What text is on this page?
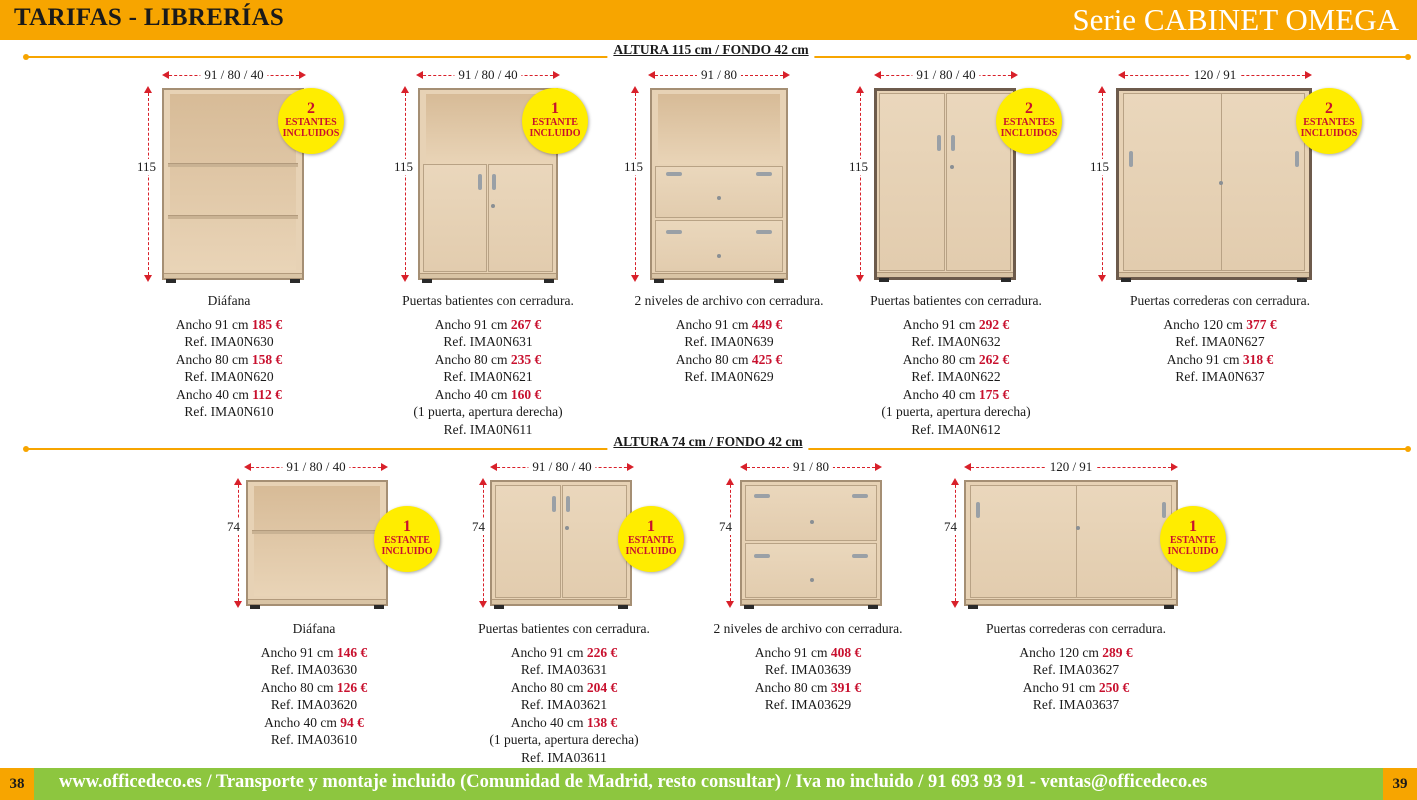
TARIFAS - LIBRERÍAS	Serie CABINET OMEGA
ALTURA 115 cm / FONDO 42 cm
91 / 80 / 40
115
2
ESTANTES INCLUIDOS
Diáfana
Ancho 91 cm 185 €
Ref. IMA0N630
Ancho 80 cm 158 €
Ref. IMA0N620
Ancho 40 cm 112 €
Ref. IMA0N610
91 / 80 / 40
115
1
ESTANTE INCLUIDO
Puertas batientes con cerradura.
Ancho 91 cm 267 €
Ref. IMA0N631
Ancho 80 cm 235 €
Ref. IMA0N621
Ancho 40 cm 160 €
(1 puerta, apertura derecha)
Ref. IMA0N611
91 / 80
115
2 niveles de archivo con cerradura.
Ancho 91 cm 449 €
Ref. IMA0N639
Ancho 80 cm 425 €
Ref. IMA0N629
91 / 80 / 40
115
2
ESTANTES INCLUIDOS
Puertas batientes con cerradura.
Ancho 91 cm 292 €
Ref. IMA0N632
Ancho 80 cm 262 €
Ref. IMA0N622
Ancho 40 cm 175 €
(1 puerta, apertura derecha)
Ref. IMA0N612
120 / 91
115
2
ESTANTES INCLUIDOS
Puertas correderas con cerradura.
Ancho 120 cm 377 €
Ref. IMA0N627
Ancho 91 cm 318 €
Ref. IMA0N637
ALTURA 74 cm / FONDO 42 cm
91 / 80 / 40
74	1
ESTANTE INCLUIDO
Diáfana
Ancho 91 cm 146 €
Ref. IMA03630
Ancho 80 cm 126 €
Ref. IMA03620
Ancho 40 cm 94 €
Ref. IMA03610
91 / 80 / 40
74	1
ESTANTE INCLUIDO
Puertas batientes con cerradura.
Ancho 91 cm 226 €
Ref. IMA03631
Ancho 80 cm 204 €
Ref. IMA03621
Ancho 40 cm 138 €
(1 puerta, apertura derecha)
Ref. IMA03611
91 / 80
74
2 niveles de archivo con cerradura.
Ancho 91 cm 408 €
Ref. IMA03639
Ancho 80 cm 391 €
Ref. IMA03629
120 / 91
74	1
ESTANTE INCLUIDO
Puertas correderas con cerradura.
Ancho 120 cm 289 €
Ref. IMA03627
Ancho 91 cm 250 €
Ref. IMA03637
www.officedeco.es / Transporte y montaje incluido (Comunidad de Madrid, resto consultar) / Iva no incluido / 91 693 93 91 - ventas@officedeco.es
38	39
